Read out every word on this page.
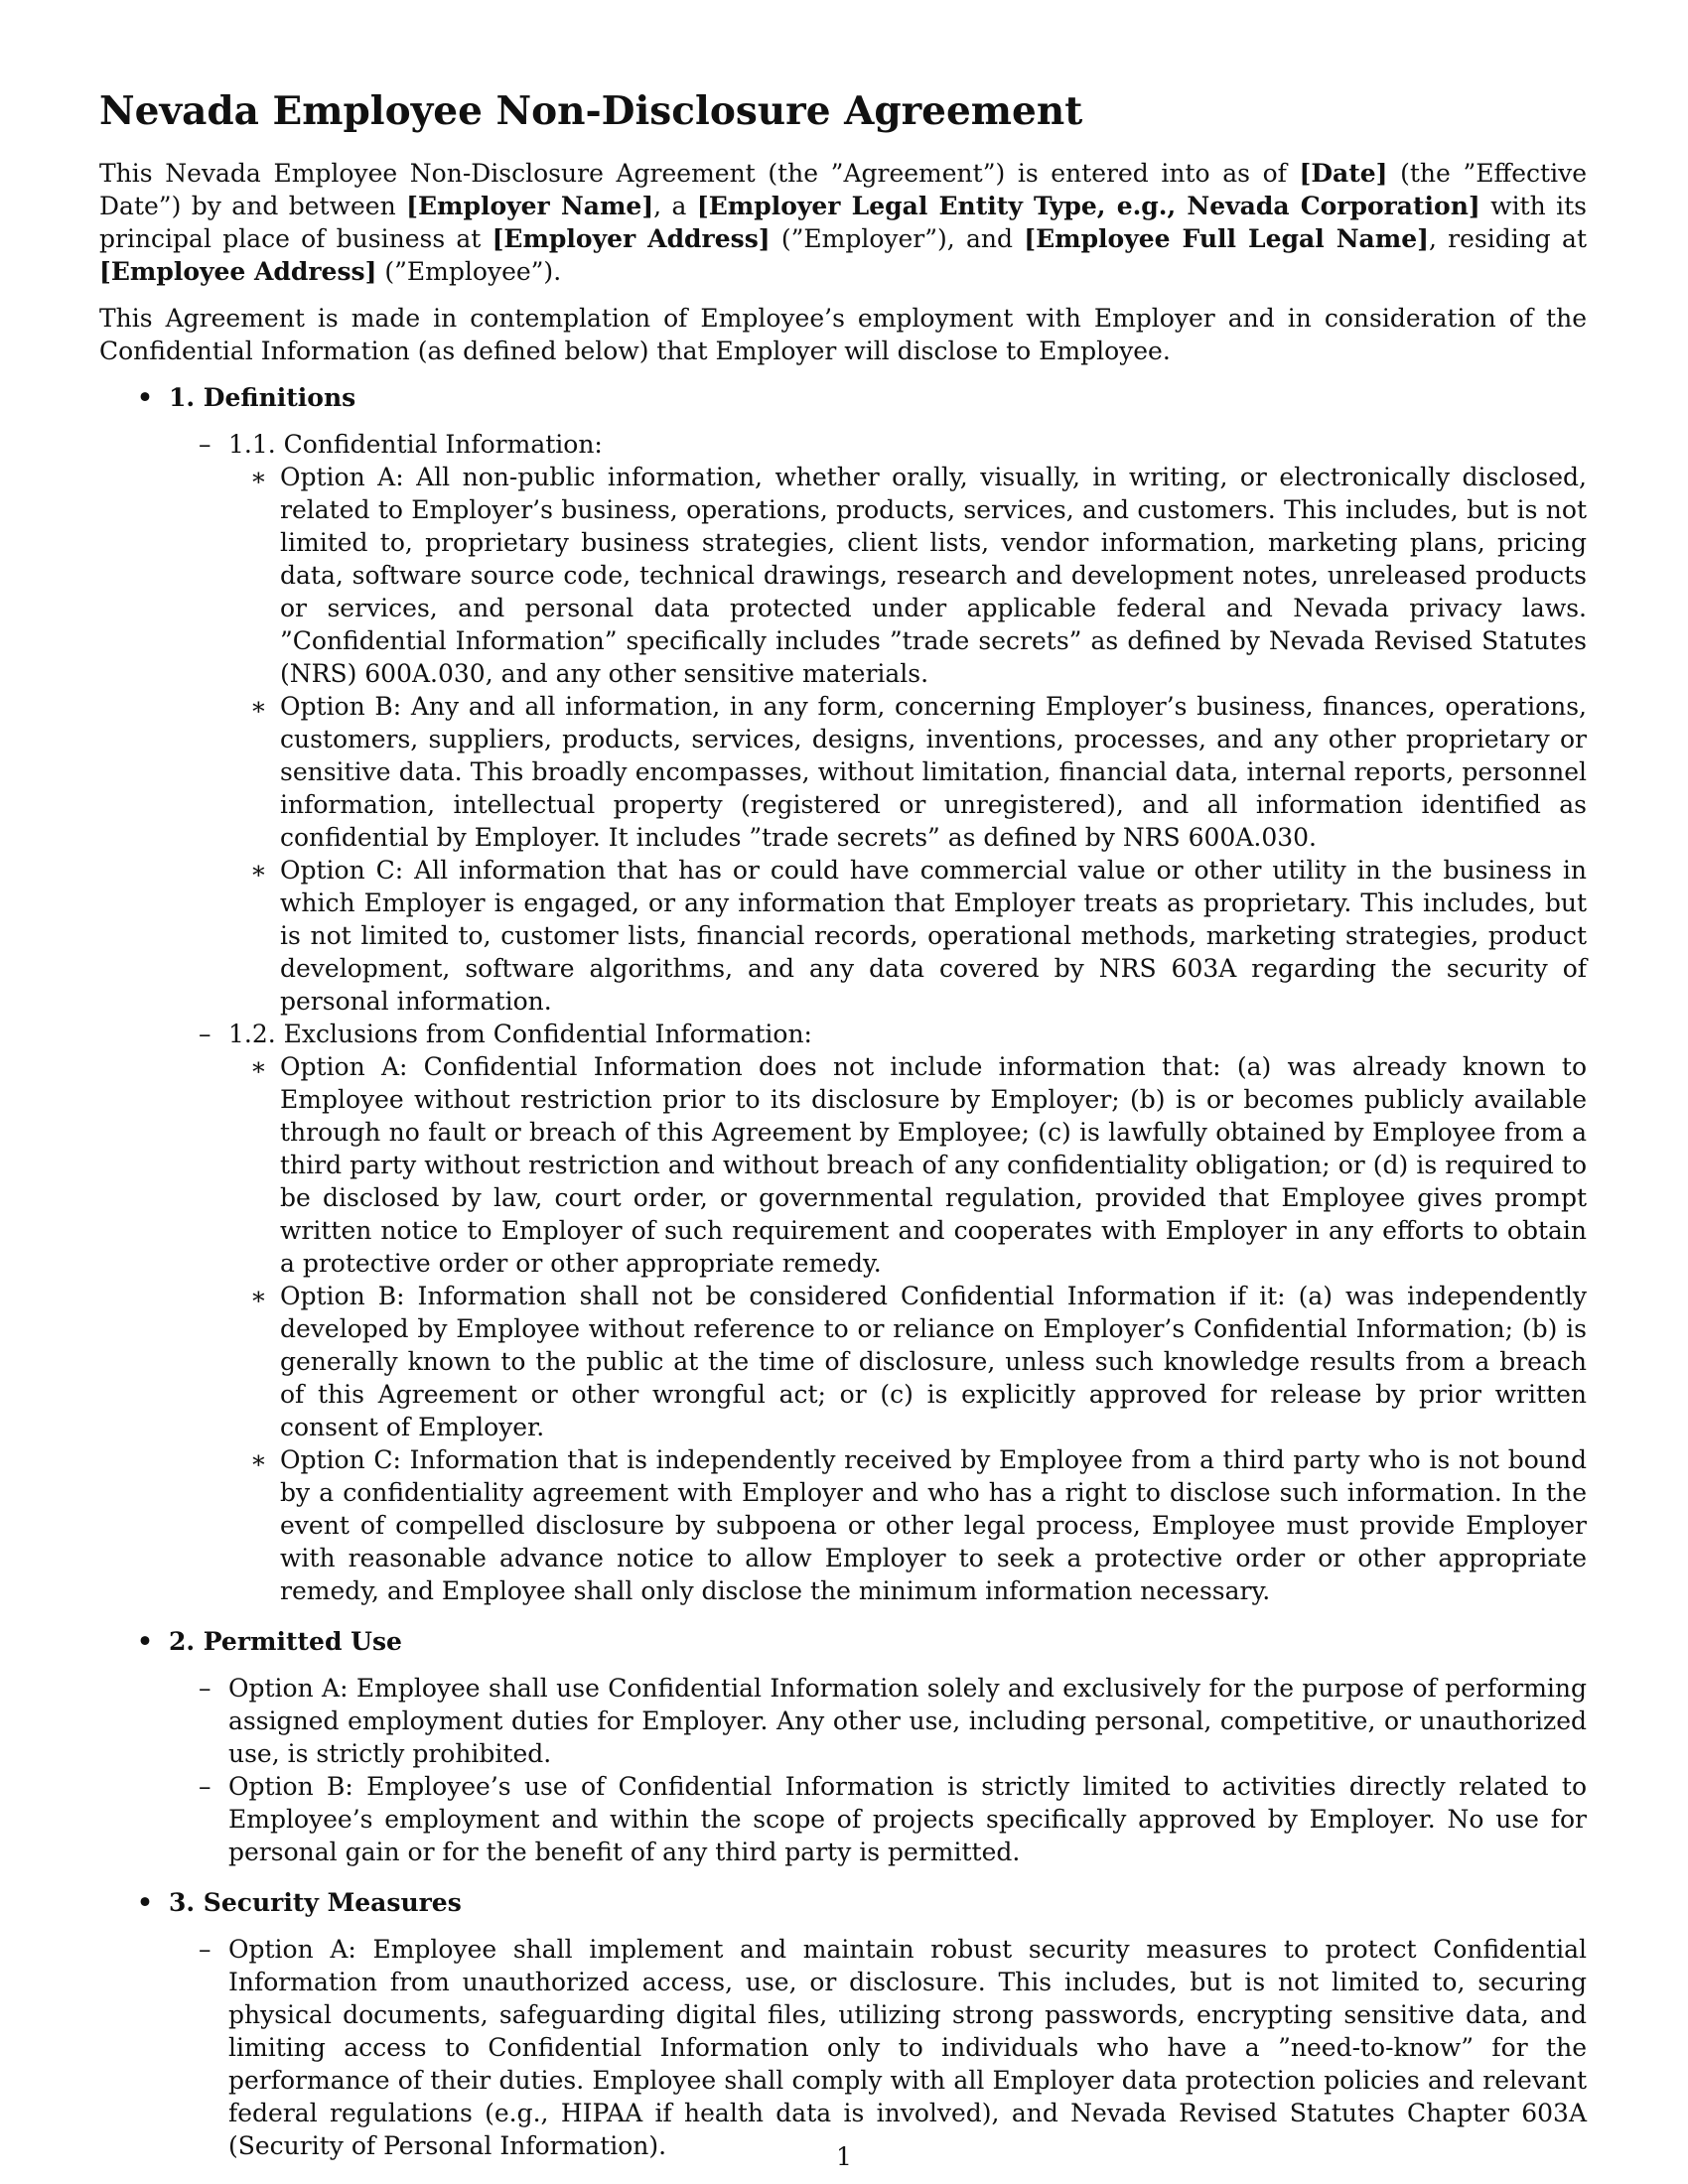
Nevada Employee Non-Disclosure Agreement

This Nevada Employee Non-Disclosure Agreement (the ”Agreement”) is entered into as of [Date] (the ”Effective Date”) by and between [Employer Name], a [Employer Legal Entity Type, e.g., Nevada Corporation] with its principal place of business at [Employer Address] (”Employer”), and [Employee Full Legal Name], residing at [Employee Address] (”Employee”).

This Agreement is made in contemplation of Employee’s employment with Employer and in consideration of the Confidential Information (as defined below) that Employer will disclose to Employee.

• 1. Definitions
– 1.1. Confidential Information:
∗ Option A: All non-public information, whether orally, visually, in writing, or electronically disclosed, related to Employer’s business, operations, products, services, and customers. This includes, but is not limited to, proprietary business strategies, client lists, vendor information, marketing plans, pricing data, software source code, technical drawings, research and development notes, unreleased products or services, and personal data protected under applicable federal and Nevada privacy laws. ”Confidential Information” specifically includes ”trade secrets” as defined by Nevada Revised Statutes (NRS) 600A.030, and any other sensitive materials.
∗ Option B: Any and all information, in any form, concerning Employer’s business, finances, operations, customers, suppliers, products, services, designs, inventions, processes, and any other proprietary or sensitive data. This broadly encompasses, without limitation, financial data, internal reports, personnel information, intellectual property (registered or unregistered), and all information identified as confidential by Employer. It includes ”trade secrets” as defined by NRS 600A.030.
∗ Option C: All information that has or could have commercial value or other utility in the business in which Employer is engaged, or any information that Employer treats as proprietary. This includes, but is not limited to, customer lists, financial records, operational methods, marketing strategies, product development, software algorithms, and any data covered by NRS 603A regarding the security of personal information.
– 1.2. Exclusions from Confidential Information:
∗ Option A: Confidential Information does not include information that: (a) was already known to Employee without restriction prior to its disclosure by Employer; (b) is or becomes publicly available through no fault or breach of this Agreement by Employee; (c) is lawfully obtained by Employee from a third party without restriction and without breach of any confidentiality obligation; or (d) is required to be disclosed by law, court order, or governmental regulation, provided that Employee gives prompt written notice to Employer of such requirement and cooperates with Employer in any efforts to obtain a protective order or other appropriate remedy.
∗ Option B: Information shall not be considered Confidential Information if it: (a) was independently developed by Employee without reference to or reliance on Employer’s Confidential Information; (b) is generally known to the public at the time of disclosure, unless such knowledge results from a breach of this Agreement or other wrongful act; or (c) is explicitly approved for release by prior written consent of Employer.
∗ Option C: Information that is independently received by Employee from a third party who is not bound by a confidentiality agreement with Employer and who has a right to disclose such information. In the event of compelled disclosure by subpoena or other legal process, Employee must provide Employer with reasonable advance notice to allow Employer to seek a protective order or other appropriate remedy, and Employee shall only disclose the minimum information necessary.
• 2. Permitted Use
– Option A: Employee shall use Confidential Information solely and exclusively for the purpose of performing assigned employment duties for Employer. Any other use, including personal, competitive, or unauthorized use, is strictly prohibited.
– Option B: Employee’s use of Confidential Information is strictly limited to activities directly related to Employee’s employment and within the scope of projects specifically approved by Employer. No use for personal gain or for the benefit of any third party is permitted.
• 3. Security Measures
– Option A: Employee shall implement and maintain robust security measures to protect Confidential Information from unauthorized access, use, or disclosure. This includes, but is not limited to, securing physical documents, safeguarding digital files, utilizing strong passwords, encrypting sensitive data, and limiting access to Confidential Information only to individuals who have a ”need-to-know” for the performance of their duties. Employee shall comply with all Employer data protection policies and relevant federal regulations (e.g., HIPAA if health data is involved), and Nevada Revised Statutes Chapter 603A (Security of Personal Information).	1
